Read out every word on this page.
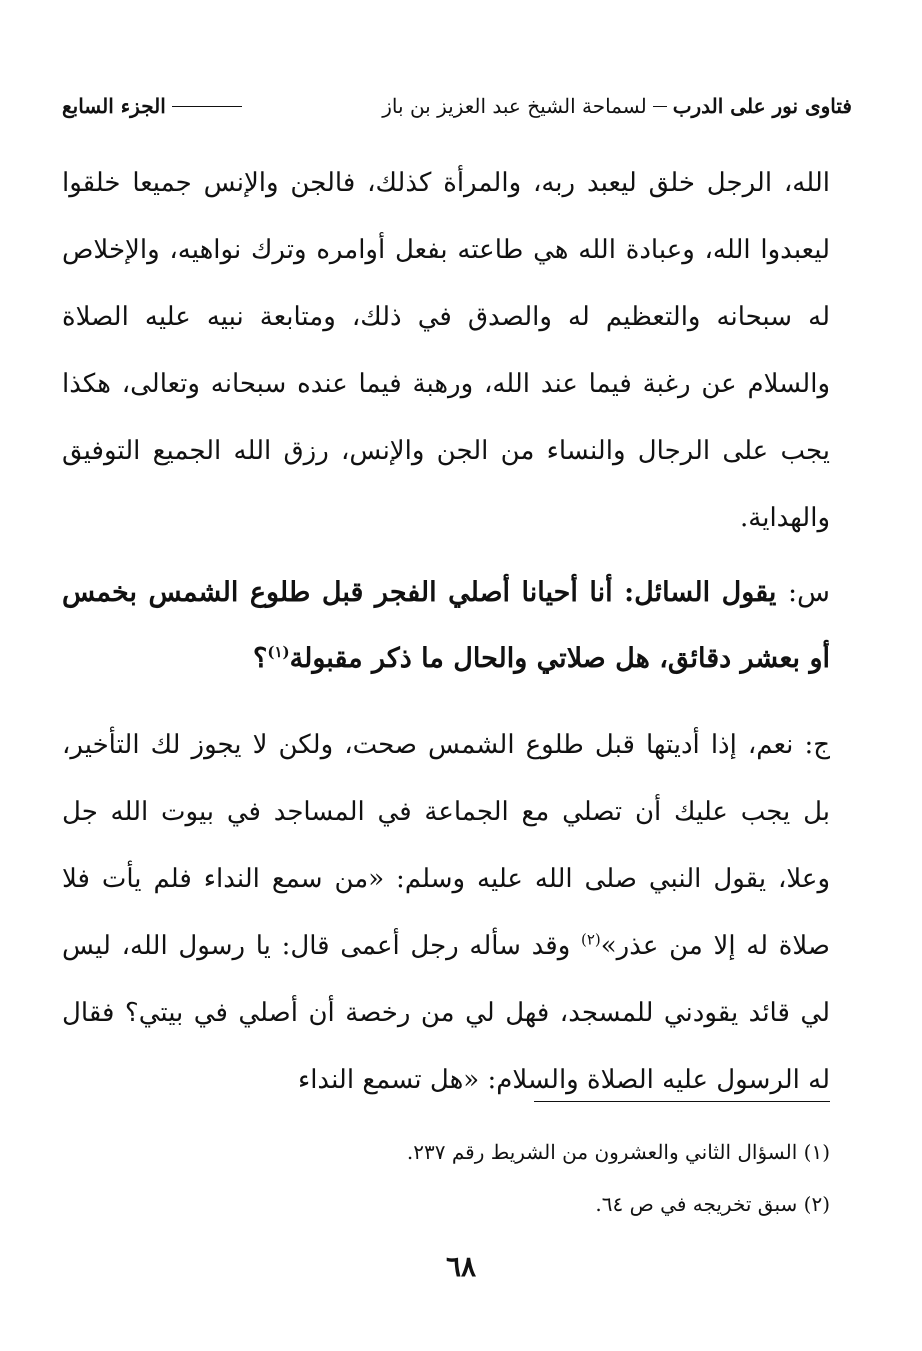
فتاوى نور على الدرب
لسماحة الشيخ عبد العزيز بن باز
الجزء السابع

الله، الرجل خلق ليعبد ربه، والمرأة كذلك، فالجن والإنس جميعا خلقوا ليعبدوا الله، وعبادة الله هي طاعته بفعل أوامره وترك نواهيه، والإخلاص له سبحانه والتعظيم له والصدق في ذلك، ومتابعة نبيه عليه الصلاة والسلام عن رغبة فيما عند الله، ورهبة فيما عنده سبحانه وتعالى، هكذا يجب على الرجال والنساء من الجن والإنس، رزق الله الجميع التوفيق والهداية.

س: يقول السائل: أنا أحيانا أصلي الفجر قبل طلوع الشمس بخمس أو بعشر دقائق، هل صلاتي والحال ما ذكر مقبولة$^{(١)}$؟

ج: نعم، إذا أديتها قبل طلوع الشمس صحت، ولكن لا يجوز لك التأخير، بل يجب عليك أن تصلي مع الجماعة في المساجد في بيوت الله جل وعلا، يقول النبي صلى الله عليه وسلم: «من سمع النداء فلم يأت فلا صلاة له إلا من عذر»$^{(٢)}$ وقد سأله رجل أعمى قال: يا رسول الله، ليس لي قائد يقودني للمسجد، فهل لي من رخصة أن أصلي في بيتي؟ فقال له الرسول عليه الصلاة والسلام: «هل تسمع النداء

(١) السؤال الثاني والعشرون من الشريط رقم ٢٣٧.

(٢) سبق تخريجه في ص ٦٤.

٦٨
